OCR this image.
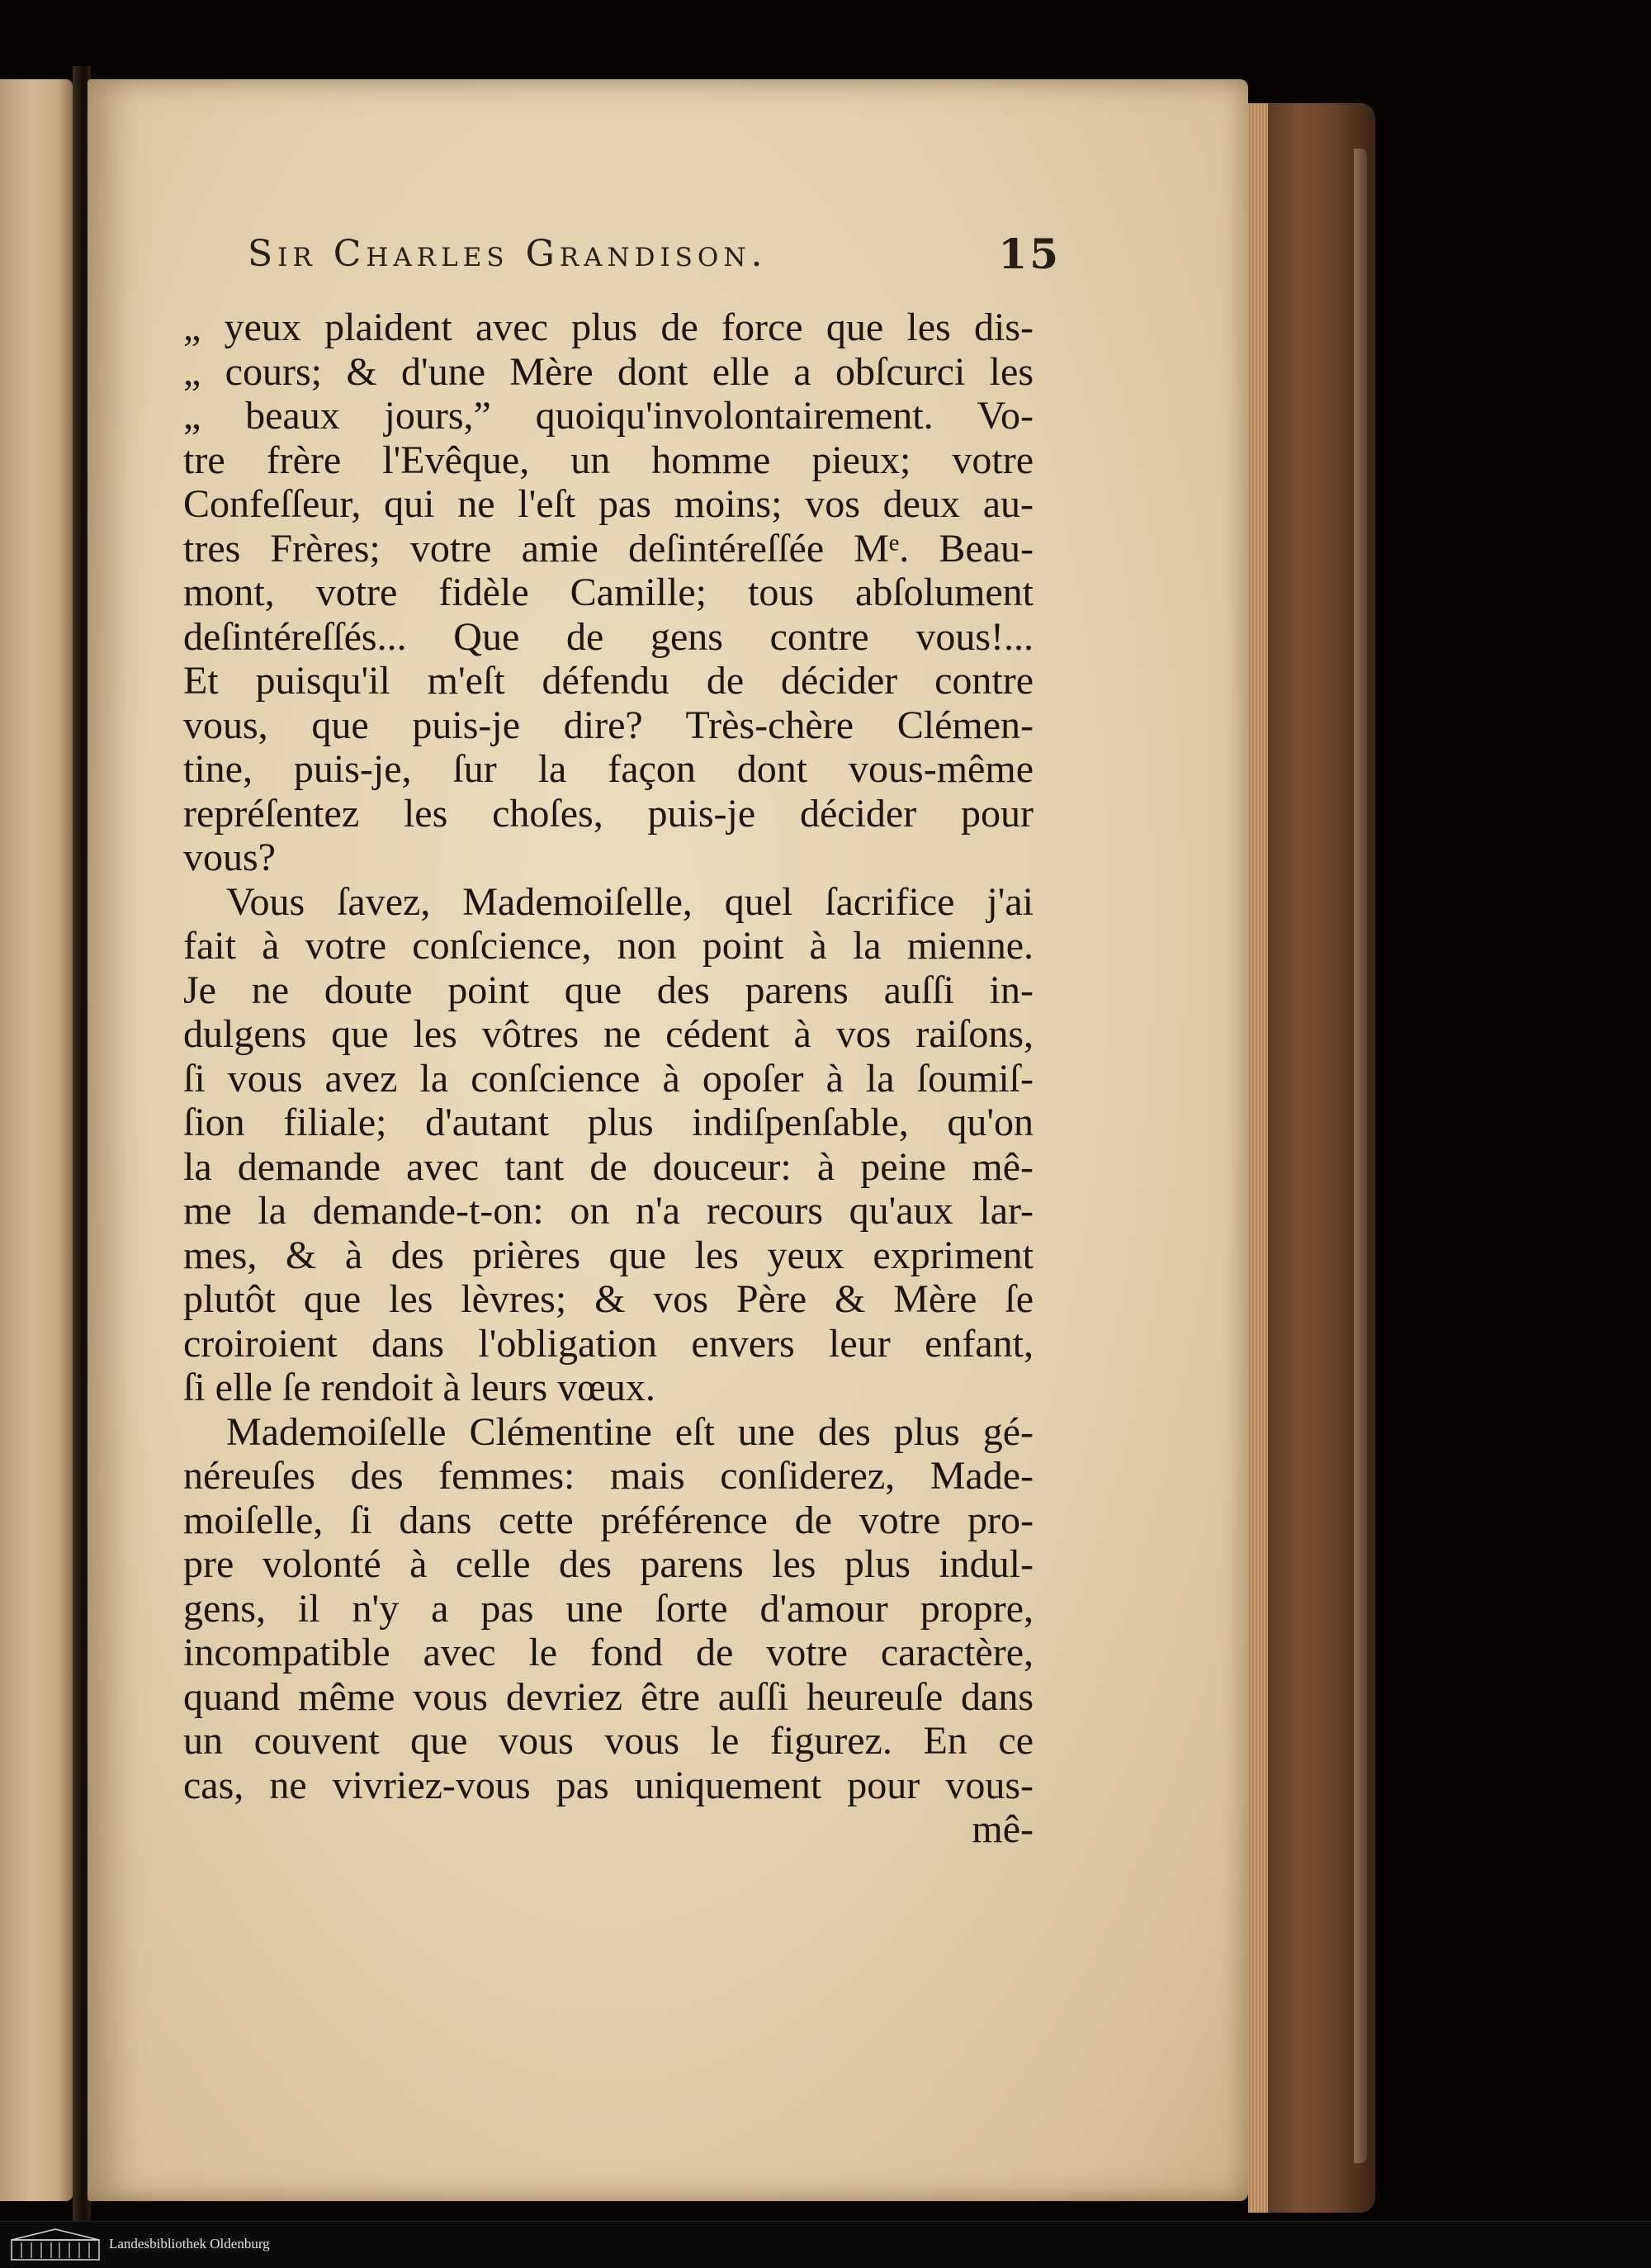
Sir Charles Grandison.	15
„ yeux plaident avec plus de force que les dis-
„ cours; & d'une Mère dont elle a obſcurci les
„ beaux jours,” quoiqu'involontairement. Vo-
tre frère l'Evêque, un homme pieux; votre
Confeſſeur, qui ne l'eſt pas moins; vos deux au-
tres Frères; votre amie deſintéreſſée Mᵉ. Beau-
mont, votre fidèle Camille; tous abſolument
deſintéreſſés... Que de gens contre vous!...
Et puisqu'il m'eſt défendu de décider contre
vous, que puis-je dire? Très-chère Clémen-
tine, puis-je, ſur la façon dont vous-même
repréſentez les choſes, puis-je décider pour
vous?
Vous ſavez, Mademoiſelle, quel ſacrifice j'ai
fait à votre conſcience, non point à la mienne.
Je ne doute point que des parens auſſi in-
dulgens que les vôtres ne cédent à vos raiſons,
ſi vous avez la conſcience à opoſer à la ſoumiſ-
ſion filiale; d'autant plus indiſpenſable, qu'on
la demande avec tant de douceur: à peine mê-
me la demande-t-on: on n'a recours qu'aux lar-
mes, & à des prières que les yeux expriment
plutôt que les lèvres; & vos Père & Mère ſe
croiroient dans l'obligation envers leur enfant,
ſi elle ſe rendoit à leurs vœux.
Mademoiſelle Clémentine eſt une des plus gé-
néreuſes des femmes: mais conſiderez, Made-
moiſelle, ſi dans cette préférence de votre pro-
pre volonté à celle des parens les plus indul-
gens, il n'y a pas une ſorte d'amour propre,
incompatible avec le fond de votre caractère,
quand même vous devriez être auſſi heureuſe dans
un couvent que vous vous le figurez. En ce
cas, ne vivriez-vous pas uniquement pour vous-
mê-
Landesbibliothek Oldenburg
